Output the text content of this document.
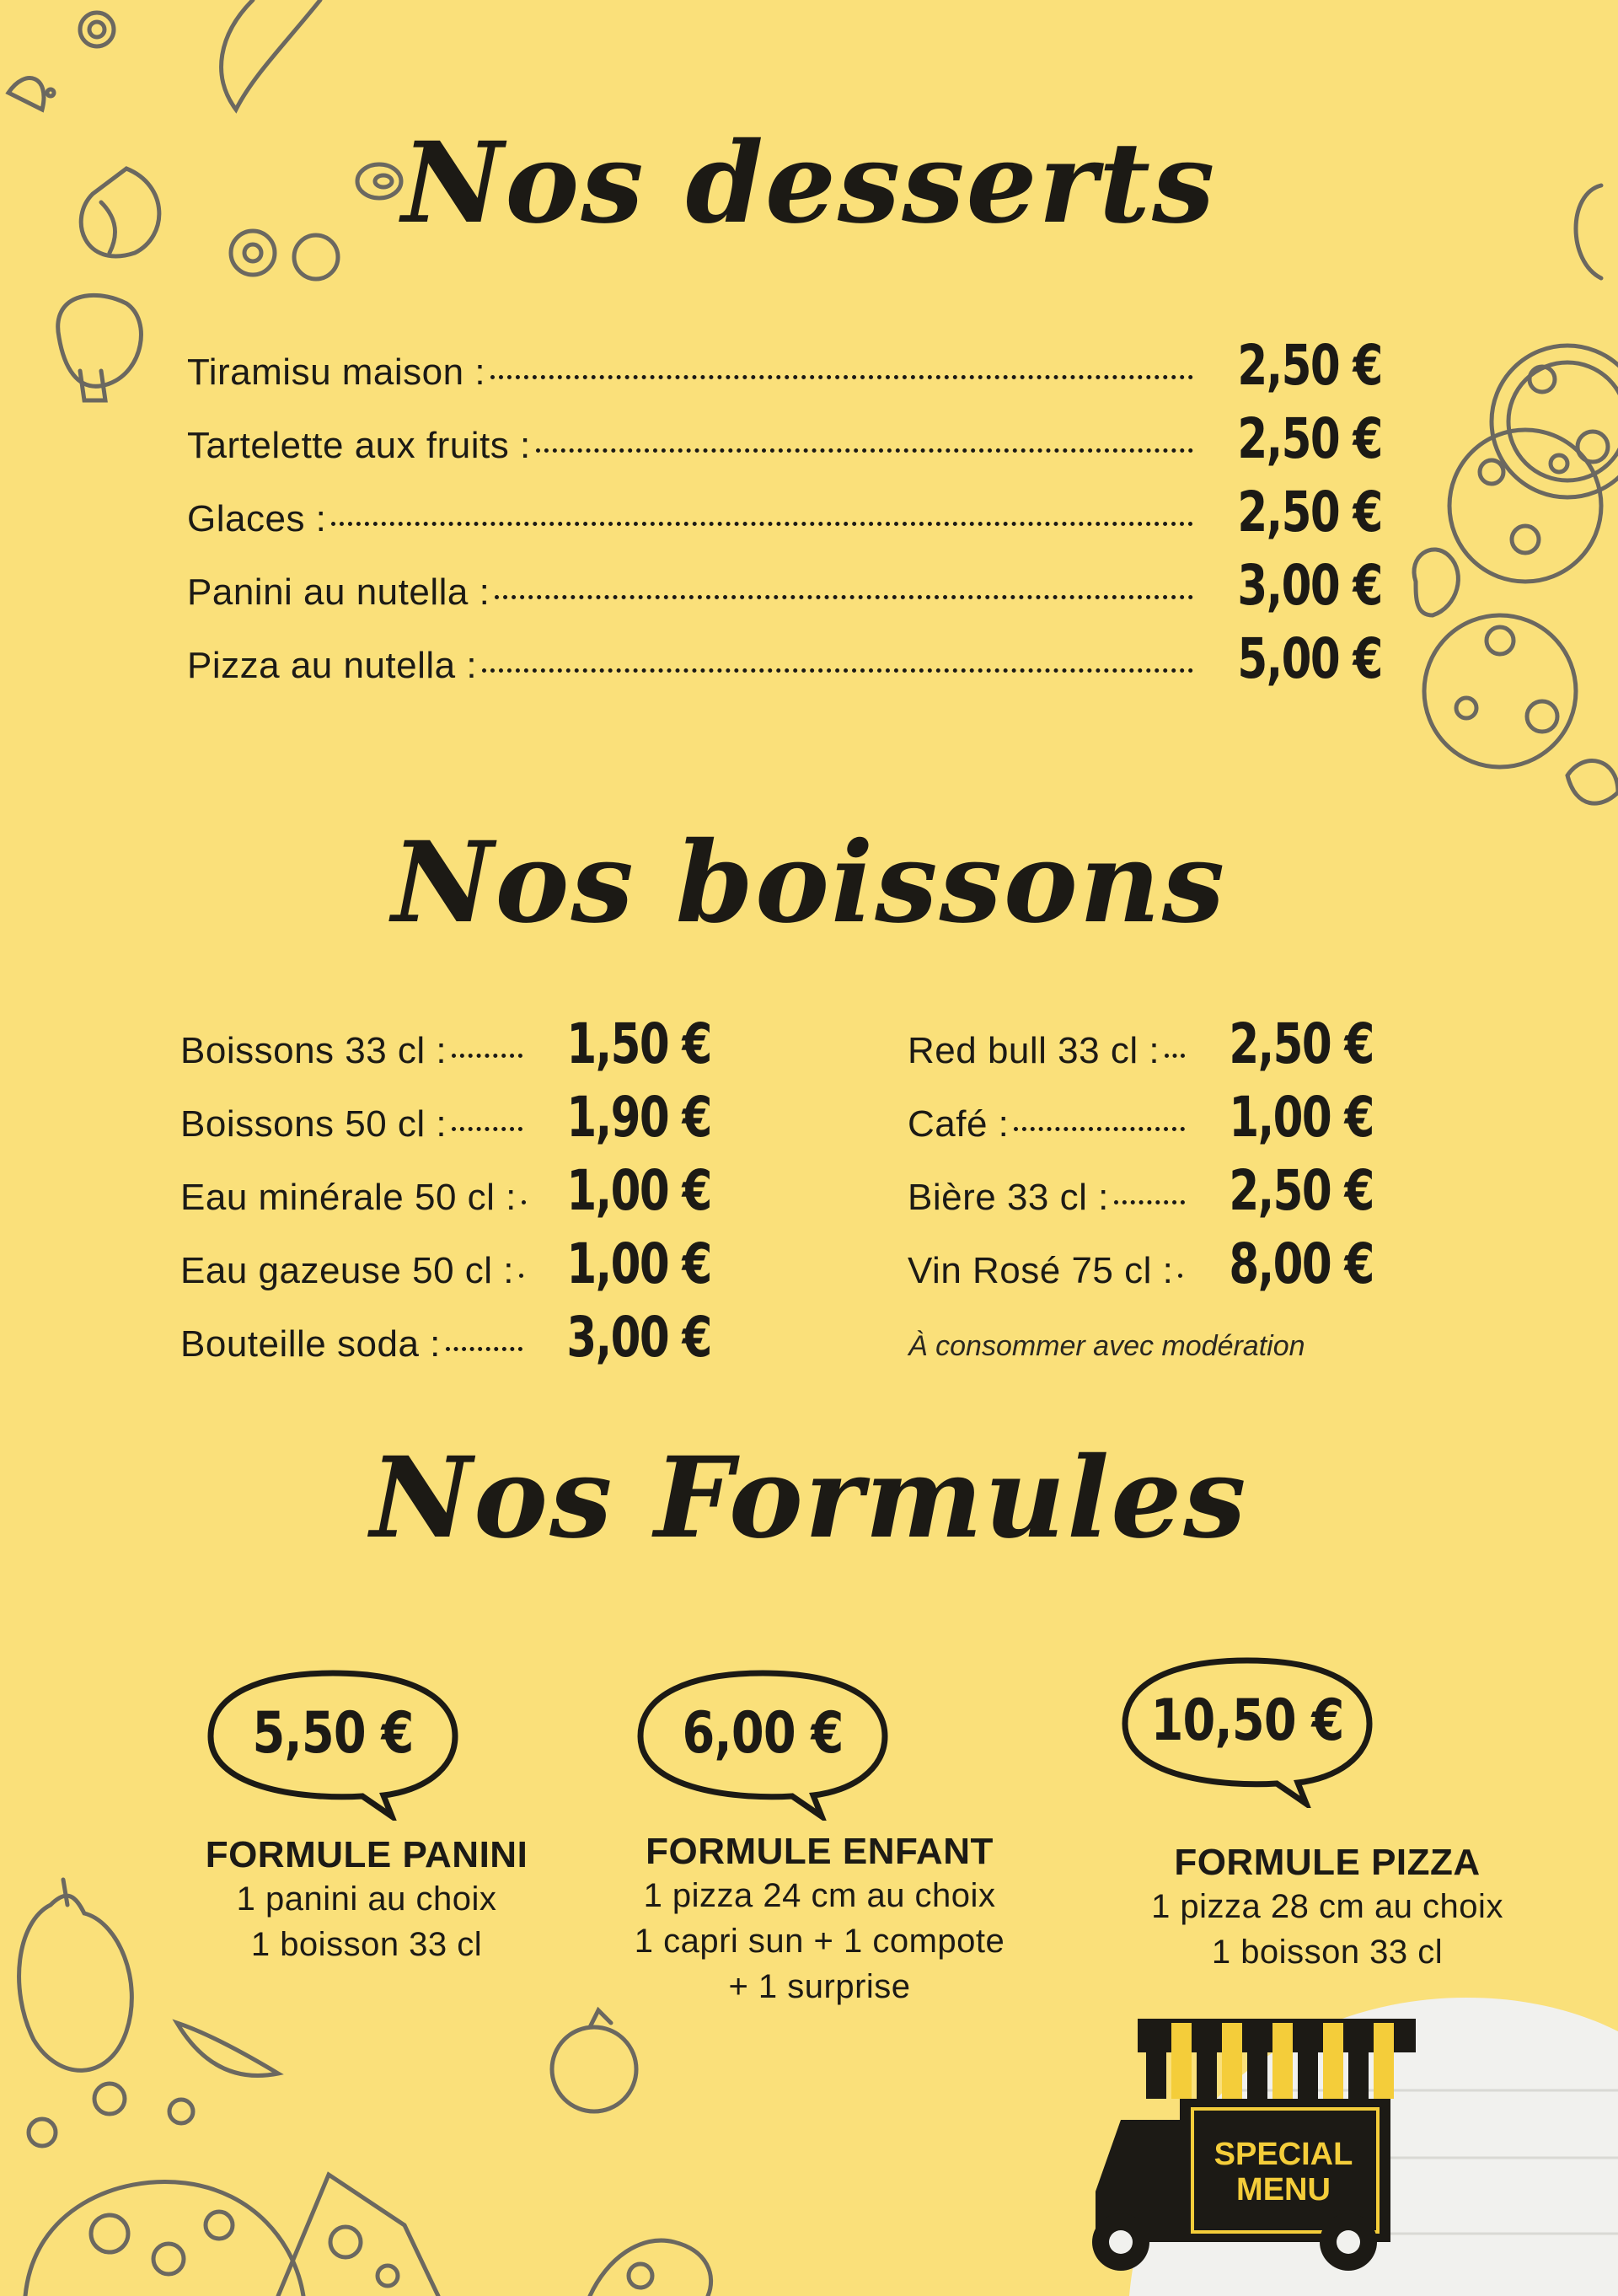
Nos desserts
Tiramisu maison :	2,50 €
Tartelette aux fruits :	2,50 €
Glaces :	2,50 €
Panini au nutella :	3,00 €
Pizza au nutella :	5,00 €
Nos boissons
Boissons 33 cl : 1,50 €
Boissons 50 cl : 1,90 €
Eau minérale 50 cl : 1,00 €
Eau gazeuse 50 cl : 1,00 €
Bouteille soda : 3,00 €
Red bull 33 cl : 2,50 €
Café :	1,00 €
Bière 33 cl : 2,50 €
Vin Rosé 75 cl : 8,00 €
À consommer avec modération
Nos Formules
5,50 €	6,00 €	10,50 €
FORMULE PANINI
1 panini au choix
1 boisson 33 cl
FORMULE ENFANT
1 pizza 24 cm au choix
1 capri sun + 1 compote
+ 1 surprise
FORMULE PIZZA
1 pizza 28 cm au choix
1 boisson 33 cl
SPECIAL
MENU
